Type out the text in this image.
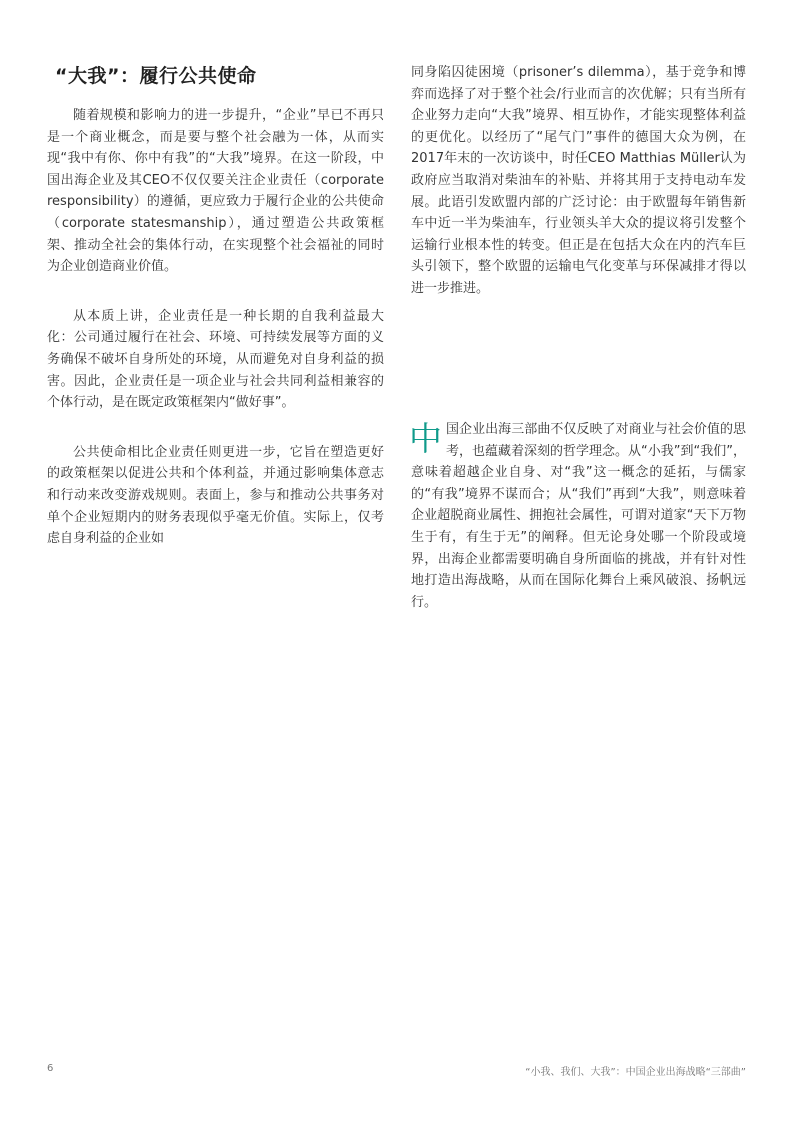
“大我”：履行公共使命

随着规模和影响力的进一步提升，“企业”早已不再只是一个商业概念，而是要与整个社会融为一体，从而实现“我中有你、你中有我”的“大我”境界。在这一阶段，中国出海企业及其CEO不仅仅要关注企业责任（corporate responsibility）的遵循，更应致力于履行企业的公共使命（corporate statesmanship），通过塑造公共政策框架、推动全社会的集体行动，在实现整个社会福祉的同时为企业创造商业价值。

从本质上讲，企业责任是一种长期的自我利益最大化：公司通过履行在社会、环境、可持续发展等方面的义务确保不破坏自身所处的环境，从而避免对自身利益的损害。因此，企业责任是一项企业与社会共同利益相兼容的个体行动，是在既定政策框架内“做好事”。

公共使命相比企业责任则更进一步，它旨在塑造更好的政策框架以促进公共和个体利益，并通过影响集体意志和行动来改变游戏规则。表面上，参与和推动公共事务对单个企业短期内的财务表现似乎毫无价值。实际上，仅考虑自身利益的企业如

同身陷囚徒困境（prisoner’s dilemma），基于竞争和博弈而选择了对于整个社会/行业而言的次优解；只有当所有企业努力走向“大我”境界、相互协作，才能实现整体利益的更优化。以经历了“尾气门”事件的德国大众为例，在2017年末的一次访谈中，时任CEO Matthias Müller认为政府应当取消对柴油车的补贴、并将其用于支持电动车发展。此语引发欧盟内部的广泛讨论：由于欧盟每年销售新车中近一半为柴油车，行业领头羊大众的提议将引发整个运输行业根本性的转变。但正是在包括大众在内的汽车巨头引领下，整个欧盟的运输电气化变革与环保减排才得以进一步推进。

中国企业出海三部曲不仅反映了对商业与社会价值的思考，也蕴藏着深刻的哲学理念。从“小我”到“我们”，意味着超越企业自身、对“我”这一概念的延拓，与儒家的“有我”境界不谋而合；从“我们”再到“大我”，则意味着企业超脱商业属性、拥抱社会属性，可谓对道家“天下万物生于有，有生于无”的阐释。但无论身处哪一个阶段或境界，出海企业都需要明确自身所面临的挑战，并有针对性地打造出海战略，从而在国际化舞台上乘风破浪、扬帆远行。

6	“小我、我们、大我”：中国企业出海战略“三部曲”
